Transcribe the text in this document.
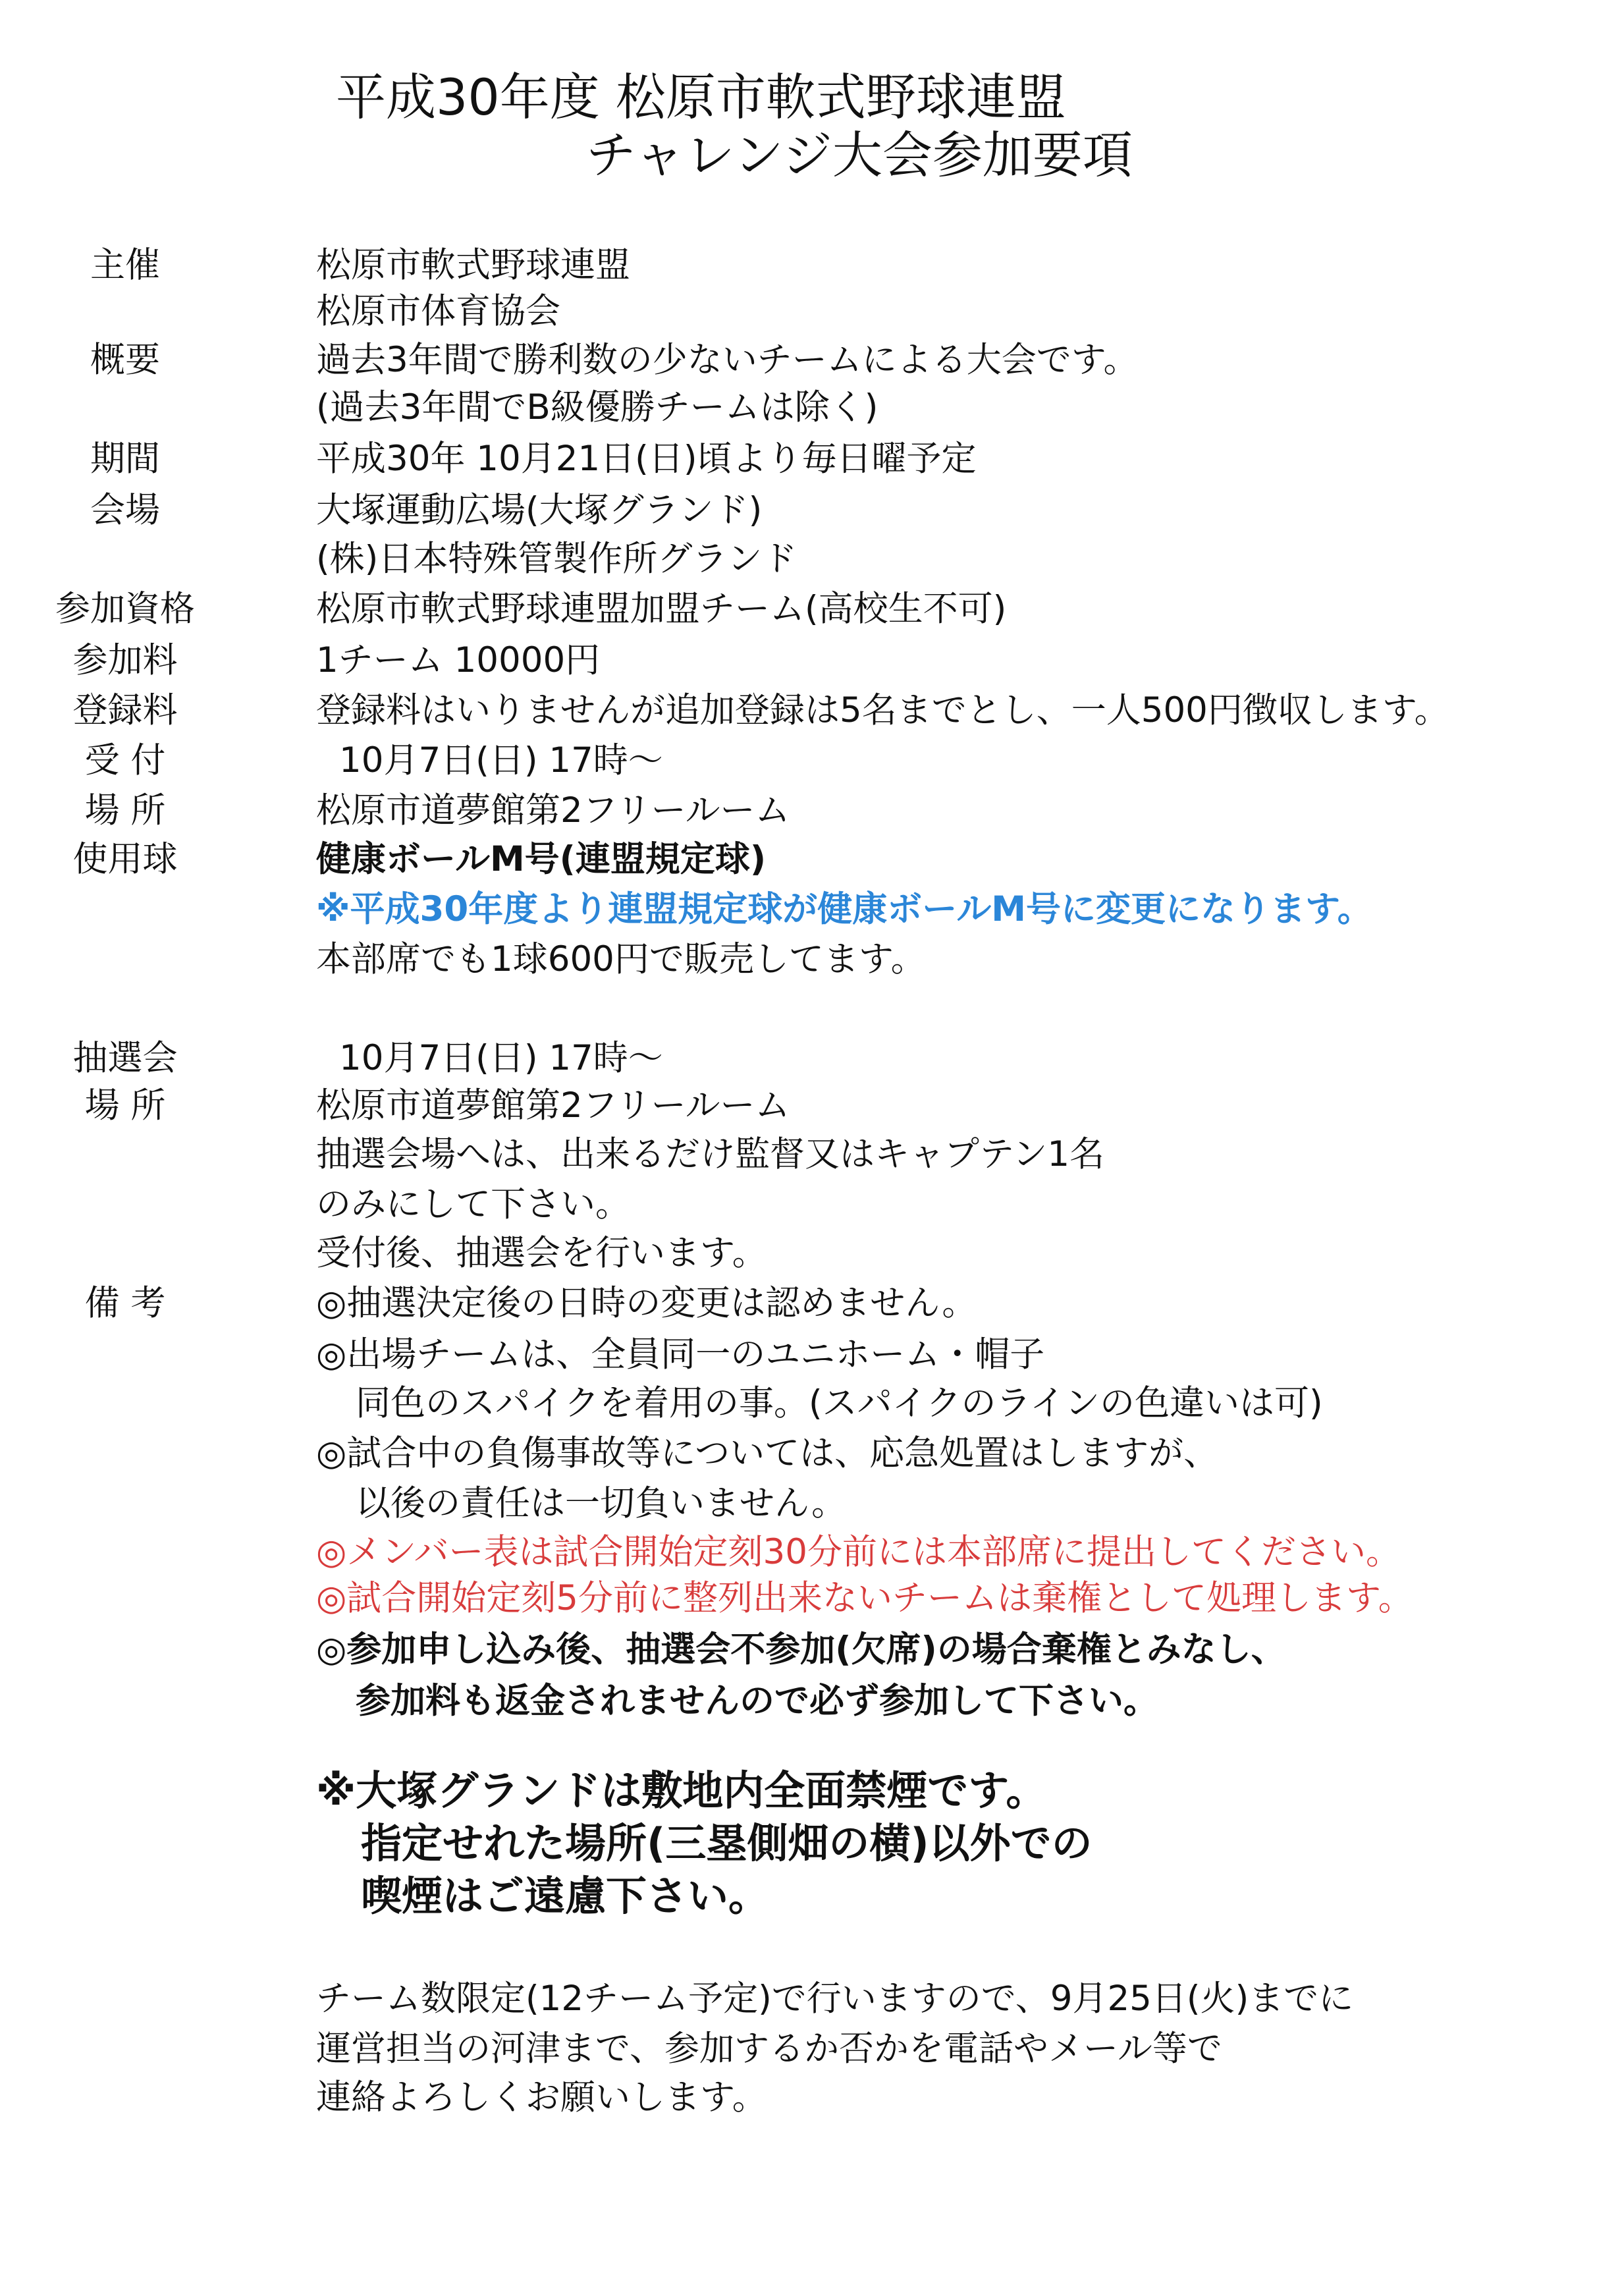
平成30年度 松原市軟式野球連盟
チャレンジ大会参加要項
主催	松原市軟式野球連盟
松原市体育協会
概要	過去3年間で勝利数の少ないチームによる大会です。
(過去3年間でB級優勝チームは除く)
期間	平成30年 10月21日(日)頃より毎日曜予定
会場	大塚運動広場(大塚グランド)
(株)日本特殊管製作所グランド
参加資格	松原市軟式野球連盟加盟チーム(高校生不可)
参加料	1チーム 10000円
登録料	登録料はいりませんが追加登録は5名までとし、一人500円徴収します。
受 付	10月7日(日) 17時～
場 所	松原市道夢館第2フリールーム
使用球	健康ボールM号(連盟規定球)
※平成30年度より連盟規定球が健康ボールM号に変更になります。
本部席でも1球600円で販売してます。
抽選会	10月7日(日) 17時～
場 所	松原市道夢館第2フリールーム
抽選会場へは、出来るだけ監督又はキャプテン1名
のみにして下さい。
受付後、抽選会を行います。
備 考	◎抽選決定後の日時の変更は認めません。
◎出場チームは、全員同一のユニホーム・帽子
同色のスパイクを着用の事。(スパイクのラインの色違いは可)
◎試合中の負傷事故等については、応急処置はしますが、
以後の責任は一切負いません。
◎メンバー表は試合開始定刻30分前には本部席に提出してください。
◎試合開始定刻5分前に整列出来ないチームは棄権として処理します。
◎参加申し込み後、抽選会不参加(欠席)の場合棄権とみなし、
参加料も返金されませんので必ず参加して下さい。
※大塚グランドは敷地内全面禁煙です。
指定せれた場所(三塁側畑の横)以外での
喫煙はご遠慮下さい。
チーム数限定(12チーム予定)で行いますので、9月25日(火)までに
運営担当の河津まで、参加するか否かを電話やメール等で
連絡よろしくお願いします。
